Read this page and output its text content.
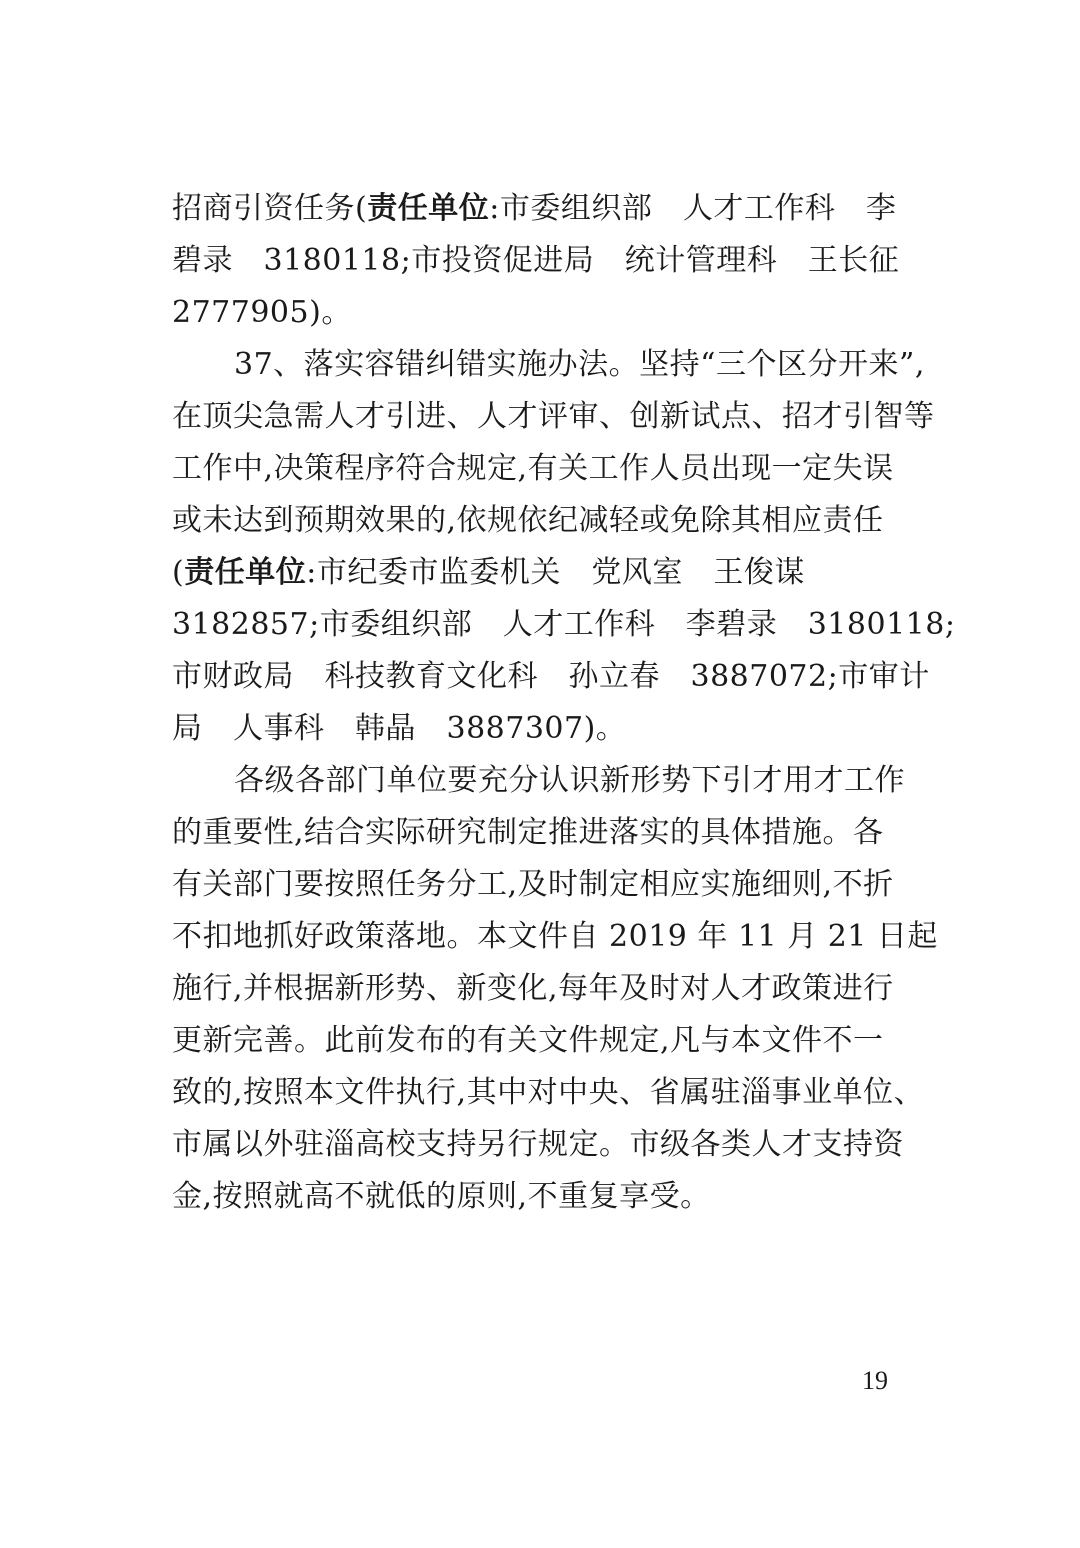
招商引资任务(责任单位:市委组织部　人才工作科　李
碧录　3180118;市投资促进局　统计管理科　王长征
2777905)。
37、落实容错纠错实施办法。坚持“三个区分开来”,
在顶尖急需人才引进、人才评审、创新试点、招才引智等
工作中,决策程序符合规定,有关工作人员出现一定失误
或未达到预期效果的,依规依纪减轻或免除其相应责任
(责任单位:市纪委市监委机关　党风室　王俊谋
3182857;市委组织部　人才工作科　李碧录　3180118;
市财政局　科技教育文化科　孙立春　3887072;市审计
局　人事科　韩晶　3887307)。
各级各部门单位要充分认识新形势下引才用才工作
的重要性,结合实际研究制定推进落实的具体措施。各
有关部门要按照任务分工,及时制定相应实施细则,不折
不扣地抓好政策落地。本文件自 2019 年 11 月 21 日起
施行,并根据新形势、新变化,每年及时对人才政策进行
更新完善。此前发布的有关文件规定,凡与本文件不一
致的,按照本文件执行,其中对中央、省属驻淄事业单位、
市属以外驻淄高校支持另行规定。市级各类人才支持资
金,按照就高不就低的原则,不重复享受。
19
